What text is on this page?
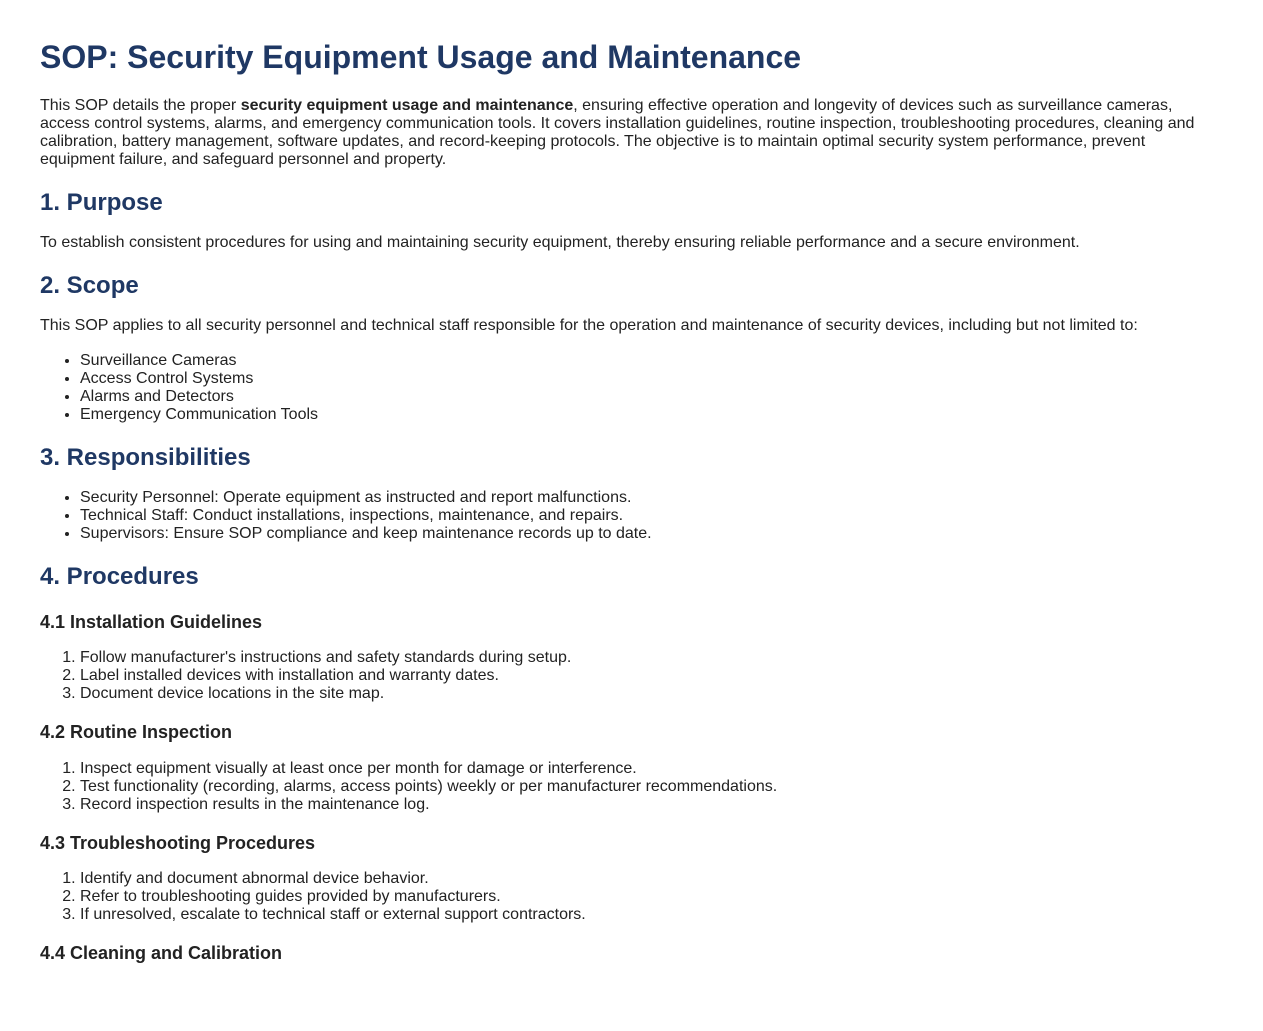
SOP: Security Equipment Usage and Maintenance

This SOP details the proper security equipment usage and maintenance, ensuring effective operation and longevity of devices such as surveillance cameras, access control systems, alarms, and emergency communication tools. It covers installation guidelines, routine inspection, troubleshooting procedures, cleaning and calibration, battery management, software updates, and record-keeping protocols. The objective is to maintain optimal security system performance, prevent equipment failure, and safeguard personnel and property.

1. Purpose

To establish consistent procedures for using and maintaining security equipment, thereby ensuring reliable performance and a secure environment.

2. Scope

This SOP applies to all security personnel and technical staff responsible for the operation and maintenance of security devices, including but not limited to:

• Surveillance Cameras
• Access Control Systems
• Alarms and Detectors
• Emergency Communication Tools
3. Responsibilities
• Security Personnel: Operate equipment as instructed and report malfunctions.
• Technical Staff: Conduct installations, inspections, maintenance, and repairs.
• Supervisors: Ensure SOP compliance and keep maintenance records up to date.
4. Procedures
4.1 Installation Guidelines
1. Follow manufacturer's instructions and safety standards during setup.
2. Label installed devices with installation and warranty dates.
3. Document device locations in the site map.
4.2 Routine Inspection
1. Inspect equipment visually at least once per month for damage or interference.
2. Test functionality (recording, alarms, access points) weekly or per manufacturer recommendations.
3. Record inspection results in the maintenance log.
4.3 Troubleshooting Procedures
1. Identify and document abnormal device behavior.
2. Refer to troubleshooting guides provided by manufacturers.
3. If unresolved, escalate to technical staff or external support contractors.
4.4 Cleaning and Calibration
